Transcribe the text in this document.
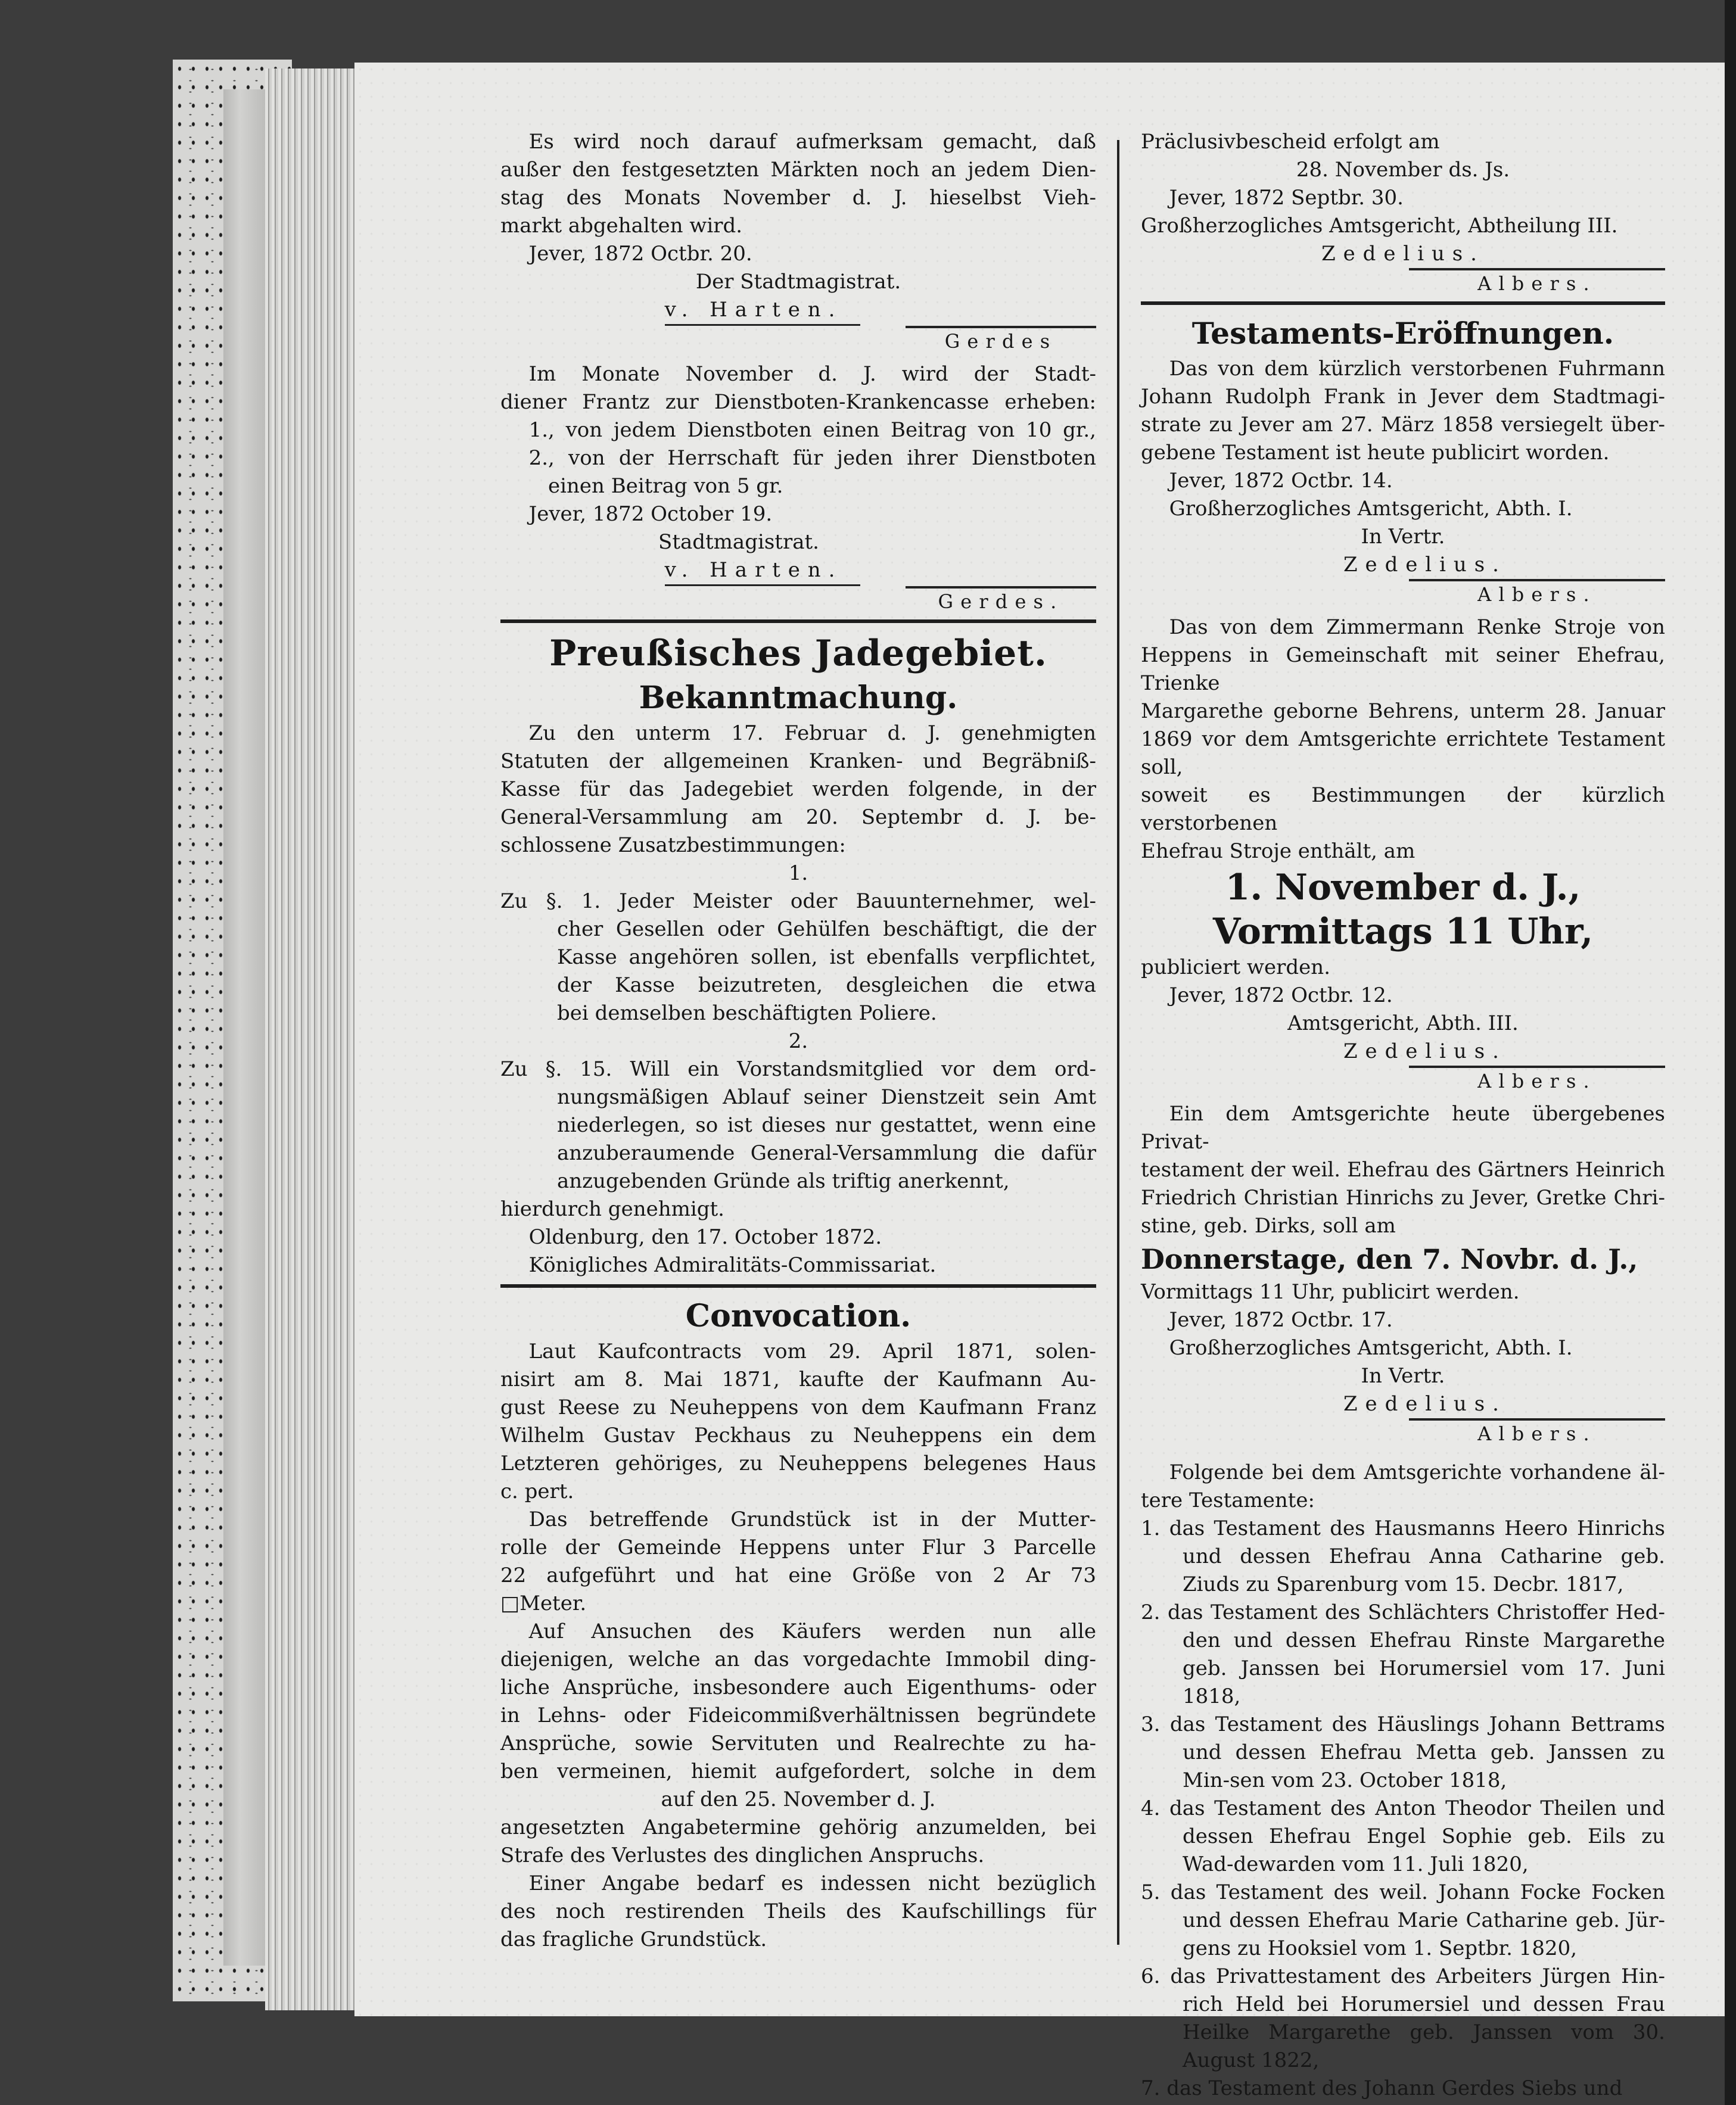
Es wird noch darauf aufmerksam gemacht, daß

außer den festgesetzten Märkten noch an jedem Dien-

stag des Monats November d. J. hieselbst Vieh-

markt abgehalten wird.

Jever, 1872 Octbr. 20.

Der Stadtmagistrat.

v. Harten.

Gerdes

Im Monate November d. J. wird der Stadt-

diener Frantz zur Dienstboten-Krankencasse erheben:

1., von jedem Dienstboten einen Beitrag von 10 gr.,

2., von der Herrschaft für jeden ihrer Dienstboten

einen Beitrag von 5 gr.

Jever, 1872 October 19.

Stadtmagistrat.

v. Harten.

Gerdes.
Preußisches Jadegebiet.
Bekanntmachung.

Zu den unterm 17. Februar d. J. genehmigten

Statuten der allgemeinen Kranken- und Begräbniß-

Kasse für das Jadegebiet werden folgende, in der

General-Versammlung am 20. Septembr d. J. be-

schlossene Zusatzbestimmungen:

1.

Zu §. 1. Jeder Meister oder Bauunternehmer, wel-

cher Gesellen oder Gehülfen beschäftigt, die der

Kasse angehören sollen, ist ebenfalls verpflichtet,

der Kasse beizutreten, desgleichen die etwa

bei demselben beschäftigten Poliere.

2.

Zu §. 15. Will ein Vorstandsmitglied vor dem ord-

nungsmäßigen Ablauf seiner Dienstzeit sein Amt

niederlegen, so ist dieses nur gestattet, wenn eine

anzuberaumende General-Versammlung die dafür

anzugebenden Gründe als triftig anerkennt,

hierdurch genehmigt.

Oldenburg, den 17. October 1872.

Königliches Admiralitäts-Commissariat.

Convocation.

Laut Kaufcontracts vom 29. April 1871, solen-

nisirt am 8. Mai 1871, kaufte der Kaufmann Au-

gust Reese zu Neuheppens von dem Kaufmann Franz

Wilhelm Gustav Peckhaus zu Neuheppens ein dem

Letzteren gehöriges, zu Neuheppens belegenes Haus

c. pert.

Das betreffende Grundstück ist in der Mutter-

rolle der Gemeinde Heppens unter Flur 3 Parcelle

22 aufgeführt und hat eine Größe von 2 Ar 73

□Meter.

Auf Ansuchen des Käufers werden nun alle

diejenigen, welche an das vorgedachte Immobil ding-

liche Ansprüche, insbesondere auch Eigenthums- oder

in Lehns- oder Fideicommißverhältnissen begründete

Ansprüche, sowie Servituten und Realrechte zu ha-

ben vermeinen, hiemit aufgefordert, solche in dem

auf den 25. November d. J.

angesetzten Angabetermine gehörig anzumelden, bei

Strafe des Verlustes des dinglichen Anspruchs.

Einer Angabe bedarf es indessen nicht bezüglich

des noch restirenden Theils des Kaufschillings für

das fragliche Grundstück.

Präclusivbescheid erfolgt am

28. November ds. Js.

Jever, 1872 Septbr. 30.

Großherzogliches Amtsgericht, Abtheilung III.

Zedelius.

Albers.
Testaments-Eröffnungen.

Das von dem kürzlich verstorbenen Fuhrmann

Johann Rudolph Frank in Jever dem Stadtmagi-

strate zu Jever am 27. März 1858 versiegelt über-

gebene Testament ist heute publicirt worden.

Jever, 1872 Octbr. 14.

Großherzogliches Amtsgericht, Abth. I.

In Vertr.

Zedelius.

Albers.

Das von dem Zimmermann Renke Stroje von

Heppens in Gemeinschaft mit seiner Ehefrau, Trienke

Margarethe geborne Behrens, unterm 28. Januar

1869 vor dem Amtsgerichte errichtete Testament soll,

soweit es Bestimmungen der kürzlich verstorbenen

Ehefrau Stroje enthält, am

1. November d. J.,
Vormittags 11 Uhr,

publiciert werden.

Jever, 1872 Octbr. 12.

Amtsgericht, Abth. III.

Zedelius.

Albers.

Ein dem Amtsgerichte heute übergebenes Privat-

testament der weil. Ehefrau des Gärtners Heinrich

Friedrich Christian Hinrichs zu Jever, Gretke Chri-

stine, geb. Dirks, soll am

Donnerstage, den 7. Novbr. d. J.,

Vormittags 11 Uhr, publicirt werden.

Jever, 1872 Octbr. 17.

Großherzogliches Amtsgericht, Abth. I.

In Vertr.

Zedelius.

Albers.

Folgende bei dem Amtsgerichte vorhandene äl-

tere Testamente:

1. das Testament des Hausmanns Heero Hinrichs und dessen Ehefrau Anna Catharine geb. Ziuds zu Sparenburg vom 15. Decbr. 1817,

2. das Testament des Schlächters Christoffer Hed-den und dessen Ehefrau Rinste Margarethe geb. Janssen bei Horumersiel vom 17. Juni 1818,

3. das Testament des Häuslings Johann Bettrams und dessen Ehefrau Metta geb. Janssen zu Min-sen vom 23. October 1818,

4. das Testament des Anton Theodor Theilen und dessen Ehefrau Engel Sophie geb. Eils zu Wad-dewarden vom 11. Juli 1820,

5. das Testament des weil. Johann Focke Focken und dessen Ehefrau Marie Catharine geb. Jür-gens zu Hooksiel vom 1. Septbr. 1820,

6. das Privattestament des Arbeiters Jürgen Hin-rich Held bei Horumersiel und dessen Frau Heilke Margarethe geb. Janssen vom 30. August 1822,

7. das Testament des Johann Gerdes Siebs und
